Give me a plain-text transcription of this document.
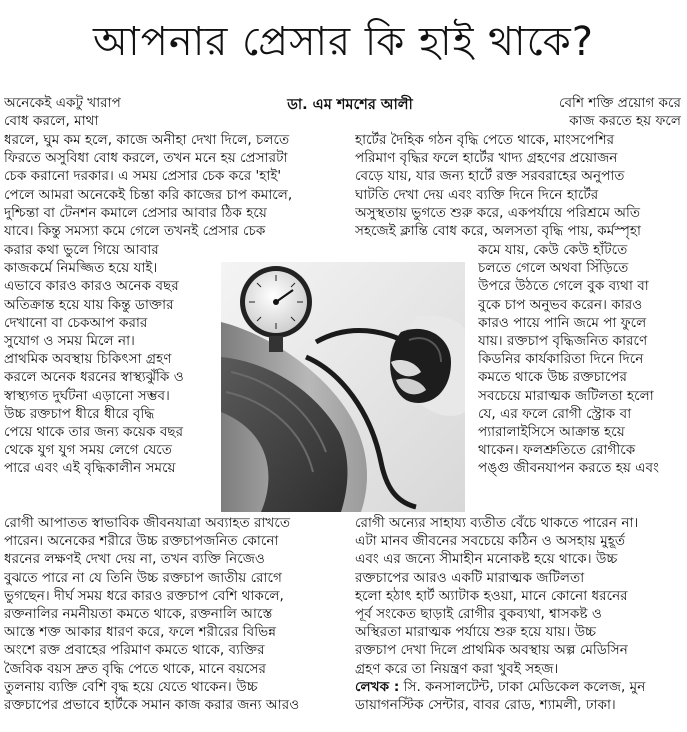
আপনার প্রেসার কি হাই থাকে?
ডা. এম শমশের আলী
অনেকেই একটু খারাপ
বোধ করলে, মাথা
ধরলে, ঘুম কম হলে, কাজে অনীহা দেখা দিলে, চলতে
ফিরতে অসুবিধা বোধ করলে, তখন মনে হয় প্রেসারটা
চেক করানো দরকার। এ সময় প্রেসার চেক করে 'হাই'
পেলে আমরা অনেকেই চিন্তা করি কাজের চাপ কমালে,
দুশ্চিন্তা বা টেনশন কমালে প্রেসার আবার ঠিক হয়ে
যাবে। কিন্তু সমস্যা কমে গেলে তখনই প্রেসার চেক
করার কথা ভুলে গিয়ে আবার
কাজকর্মে নিমজ্জিত হয়ে যাই।
এভাবে কারও কারও অনেক বছর
অতিক্রান্ত হয়ে যায় কিন্তু ডাক্তার
দেখানো বা চেকআপ করার
সুযোগ ও সময় মিলে না।
প্রাথমিক অবস্থায় চিকিৎসা গ্রহণ
করলে অনেক ধরনের স্বাস্থ্যঝুঁকি ও
স্বাস্থ্যগত দুর্ঘটনা এড়ানো সম্ভব।
উচ্চ রক্তচাপ ধীরে ধীরে বৃদ্ধি
পেয়ে থাকে তার জন্য কয়েক বছর
থেকে যুগ যুগ সময় লেগে যেতে
পারে এবং এই বৃদ্ধিকালীন সময়ে
রোগী আপাতত স্বাভাবিক জীবনযাত্রা অব্যাহত রাখতে
পারেন। অনেকের শরীরে উচ্চ রক্তচাপজনিত কোনো
ধরনের লক্ষণই দেখা দেয় না, তখন ব্যক্তি নিজেও
বুঝতে পারে না যে তিনি উচ্চ রক্তচাপ জাতীয় রোগে
ভুগছেন। দীর্ঘ সময় ধরে কারও রক্তচাপ বেশি থাকলে,
রক্তনালির নমনীয়তা কমতে থাকে, রক্তনালি আস্তে
আস্তে শক্ত আকার ধারণ করে, ফলে শরীরের বিভিন্ন
অংশে রক্ত প্রবাহের পরিমাণ কমতে থাকে, ব্যক্তির
জৈবিক বয়স দ্রুত বৃদ্ধি পেতে থাকে, মানে বয়সের
তুলনায় ব্যক্তি বেশি বৃদ্ধ হয়ে যেতে থাকেন। উচ্চ
রক্তচাপের প্রভাবে হার্টকে সমান কাজ করার জন্য আরও
বেশি শক্তি প্রয়োগ করে
কাজ করতে হয় ফলে
হার্টের দৈহিক গঠন বৃদ্ধি পেতে থাকে, মাংসপেশির
পরিমাণ বৃদ্ধির ফলে হার্টের খাদ্য গ্রহণের প্রয়োজন
বেড়ে যায়, যার জন্য হার্টে রক্ত সরবরাহের অনুপাত
ঘাটতি দেখা দেয় এবং ব্যক্তি দিনে দিনে হার্টের
অসুস্থতায় ভুগতে শুরু করে, একপর্যায়ে পরিশ্রমে অতি
সহজেই ক্লান্তি বোধ করে, অলসতা বৃদ্ধি পায়, কর্মস্পৃহা
কমে যায়, কেউ কেউ হাঁটতে
চলতে গেলে অথবা সিঁড়িতে
উপরে উঠতে গেলে বুক ব্যথা বা
বুকে চাপ অনুভব করেন। কারও
কারও পায়ে পানি জমে পা ফুলে
যায়। রক্তচাপ বৃদ্ধিজনিত কারণে
কিডনির কার্যকারিতা দিনে দিনে
কমতে থাকে উচ্চ রক্তচাপের
সবচেয়ে মারাত্মক জটিলতা হলো
যে, এর ফলে রোগী স্ট্রোক বা
প্যারালাইসিসে আক্রান্ত হয়ে
থাকেন। ফলশ্রুতিতে রোগীকে
পঙ্গু জীবনযাপন করতে হয় এবং
রোগী অন্যের সাহায্য ব্যতীত বেঁচে থাকতে পারেন না।
এটা মানব জীবনের সবচেয়ে কঠিন ও অসহায় মুহূর্ত
এবং এর জন্যে সীমাহীন মনোকষ্ট হয়ে থাকে। উচ্চ
রক্তচাপের আরও একটি মারাত্মক জটিলতা
হলো হঠাৎ হার্ট অ্যাটাক হওয়া, মানে কোনো ধরনের
পূর্ব সংকেত ছাড়াই রোগীর বুকব্যথা, শ্বাসকষ্ট ও
অস্থিরতা মারাত্মক পর্যায়ে শুরু হয়ে যায়। উচ্চ
রক্তচাপ দেখা দিলে প্রাথমিক অবস্থায় অল্প মেডিসিন
গ্রহণ করে তা নিয়ন্ত্রণ করা খুবই সহজ।
লেখক : সি. কনসালটেন্ট, ঢাকা মেডিকেল কলেজ, মুন
ডায়াগনস্টিক সেন্টার, বাবর রোড, শ্যামলী, ঢাকা।
